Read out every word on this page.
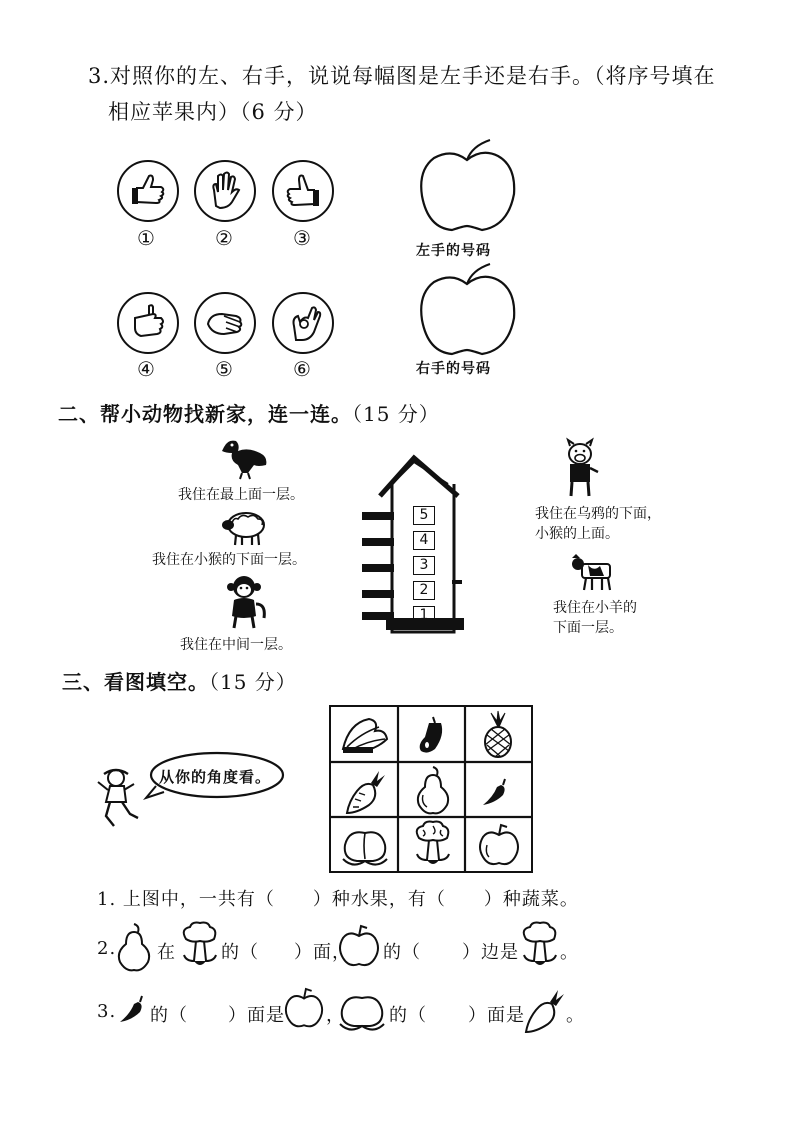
3.对照你的左、右手，说说每幅图是左手还是右手。（将序号填在
相应苹果内）（6 分）
①	②	③
④	⑤	⑥
左手的号码
右手的号码
二、帮小动物找新家，连一连。（15 分）
我住在最上面一层。
我住在小猴的下面一层。
我住在中间一层。
5
4
3
2
1
我住在乌鸦的下面，
小猴的上面。
我住在小羊的
下面一层。
三、看图填空。（15 分）
从你的角度看。
1. 上图中，一共有（ ）种水果，有（ ）种蔬菜。
2. 在	的（ ）面， 的（ ）边是 。
3. 的（ ）面是 ， 的（ ）面是 。
